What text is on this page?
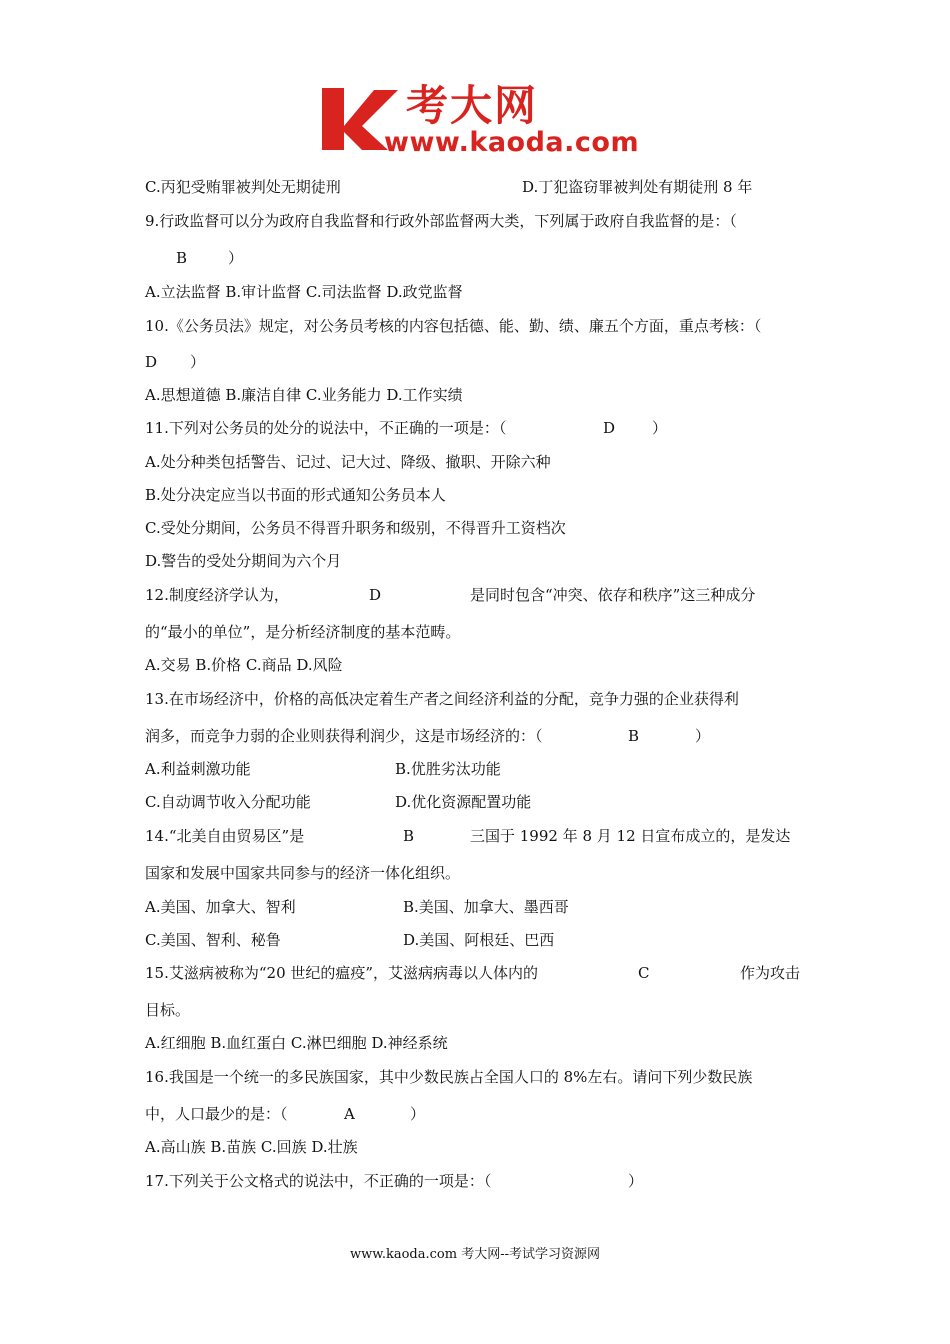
考大网
www.kaoda.com
C.丙犯受贿罪被判处无期徒刑	D.丁犯盗窃罪被判处有期徒刑 8 年
9.行政监督可以分为政府自我监督和行政外部监督两大类，下列属于政府自我监督的是：（
B	）
A.立法监督 B.审计监督 C.司法监督 D.政党监督
10.《公务员法》规定，对公务员考核的内容包括德、能、勤、绩、廉五个方面，重点考核：（
D ）
A.思想道德 B.廉洁自律 C.业务能力 D.工作实绩
11.下列对公务员的处分的说法中，不正确的一项是：（	D ）
A.处分种类包括警告、记过、记大过、降级、撤职、开除六种
B.处分决定应当以书面的形式通知公务员本人
C.受处分期间，公务员不得晋升职务和级别，不得晋升工资档次
D.警告的受处分期间为六个月
12.制度经济学认为，	D	是同时包含“冲突、依存和秩序”这三种成分
的“最小的单位”，是分析经济制度的基本范畴。
A.交易 B.价格 C.商品 D.风险
13.在市场经济中，价格的高低决定着生产者之间经济利益的分配，竞争力强的企业获得利
润多，而竞争力弱的企业则获得利润少，这是市场经济的：（	B	）
A.利益刺激功能	B.优胜劣汰功能
C.自动调节收入分配功能	D.优化资源配置功能
14.“北美自由贸易区”是	B	三国于 1992 年 8 月 12 日宣布成立的，是发达
国家和发展中国家共同参与的经济一体化组织。
A.美国、加拿大、智利	B.美国、加拿大、墨西哥
C.美国、智利、秘鲁	D.美国、阿根廷、巴西
15.艾滋病被称为“20 世纪的瘟疫”，艾滋病病毒以人体内的	C	作为攻击
目标。
A.红细胞 B.血红蛋白 C.淋巴细胞 D.神经系统
16.我国是一个统一的多民族国家，其中少数民族占全国人口的 8%左右。请问下列少数民族
中，人口最少的是：（	A	）
A.高山族 B.苗族 C.回族 D.壮族
17.下列关于公文格式的说法中，不正确的一项是：（	）
www.kaoda.com 考大网--考试学习资源网
